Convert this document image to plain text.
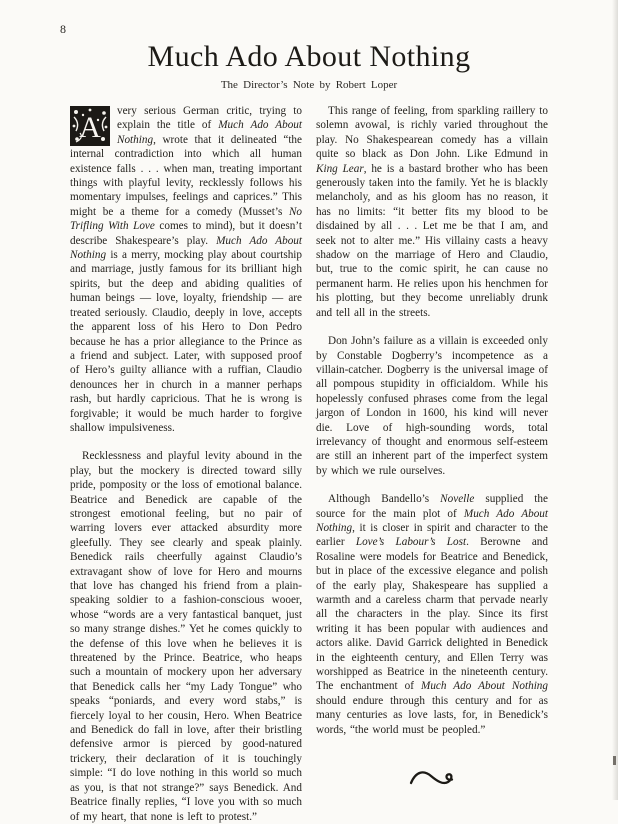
8
Much Ado About Nothing
The Director’s Note by Robert Loper

A very serious German critic, trying to explain the title of Much Ado About Nothing, wrote that it delineated “the internal contradiction into which all human existence falls . . . when man, treating important things with playful levity, recklessly follows his momentary impulses, feelings and caprices.” This might be a theme for a comedy (Musset’s No Trifling With Love comes to mind), but it doesn’t describe Shakespeare’s play. Much Ado About Nothing is a merry, mocking play about courtship and marriage, justly famous for its brilliant high spirits, but the deep and abiding qualities of human beings — love, loyalty, friendship — are treated seriously. Claudio, deeply in love, accepts the apparent loss of his Hero to Don Pedro because he has a prior allegiance to the Prince as a friend and subject. Later, with supposed proof of Hero’s guilty alliance with a ruffian, Claudio denounces her in church in a manner perhaps rash, but hardly capricious. That he is wrong is forgivable; it would be much harder to forgive shallow impulsiveness.

Recklessness and playful levity abound in the play, but the mockery is directed toward silly pride, pomposity or the loss of emotional balance. Beatrice and Benedick are capable of the strongest emotional feeling, but no pair of warring lovers ever attacked absurdity more gleefully. They see clearly and speak plainly. Benedick rails cheerfully against Claudio’s extravagant show of love for Hero and mourns that love has changed his friend from a plain-speaking soldier to a fashion-conscious wooer, whose “words are a very fantastical banquet, just so many strange dishes.” Yet he comes quickly to the defense of this love when he believes it is threatened by the Prince. Beatrice, who heaps such a mountain of mockery upon her adversary that Benedick calls her “my Lady Tongue” who speaks “poniards, and every word stabs,” is fiercely loyal to her cousin, Hero. When Beatrice and Benedick do fall in love, after their bristling defensive armor is pierced by good-natured trickery, their declaration of it is touchingly simple: “I do love nothing in this world so much as you, is that not strange?” says Benedick. And Beatrice finally replies, “I love you with so much of my heart, that none is left to protest.”

This range of feeling, from sparkling raillery to solemn avowal, is richly varied throughout the play. No Shakespearean comedy has a villain quite so black as Don John. Like Edmund in King Lear, he is a bastard brother who has been generously taken into the family. Yet he is blackly melancholy, and as his gloom has no reason, it has no limits: “it better fits my blood to be disdained by all . . . Let me be that I am, and seek not to alter me.” His villainy casts a heavy shadow on the marriage of Hero and Claudio, but, true to the comic spirit, he can cause no permanent harm. He relies upon his henchmen for his plotting, but they become unreliably drunk and tell all in the streets.

Don John’s failure as a villain is exceeded only by Constable Dogberry’s incompetence as a villain-catcher. Dogberry is the universal image of all pompous stupidity in officialdom. While his hopelessly confused phrases come from the legal jargon of London in 1600, his kind will never die. Love of high-sounding words, total irrelevancy of thought and enormous self-esteem are still an inherent part of the imperfect system by which we rule ourselves.

Although Bandello’s Novelle supplied the source for the main plot of Much Ado About Nothing, it is closer in spirit and character to the earlier Love’s Labour’s Lost. Berowne and Rosaline were models for Beatrice and Benedick, but in place of the excessive elegance and polish of the early play, Shakespeare has supplied a warmth and a careless charm that pervade nearly all the characters in the play. Since its first writing it has been popular with audiences and actors alike. David Garrick delighted in Benedick in the eighteenth century, and Ellen Terry was worshipped as Beatrice in the nineteenth century. The enchantment of Much Ado About Nothing should endure through this century and for as many centuries as love lasts, for, in Benedick’s words, “the world must be peopled.”
